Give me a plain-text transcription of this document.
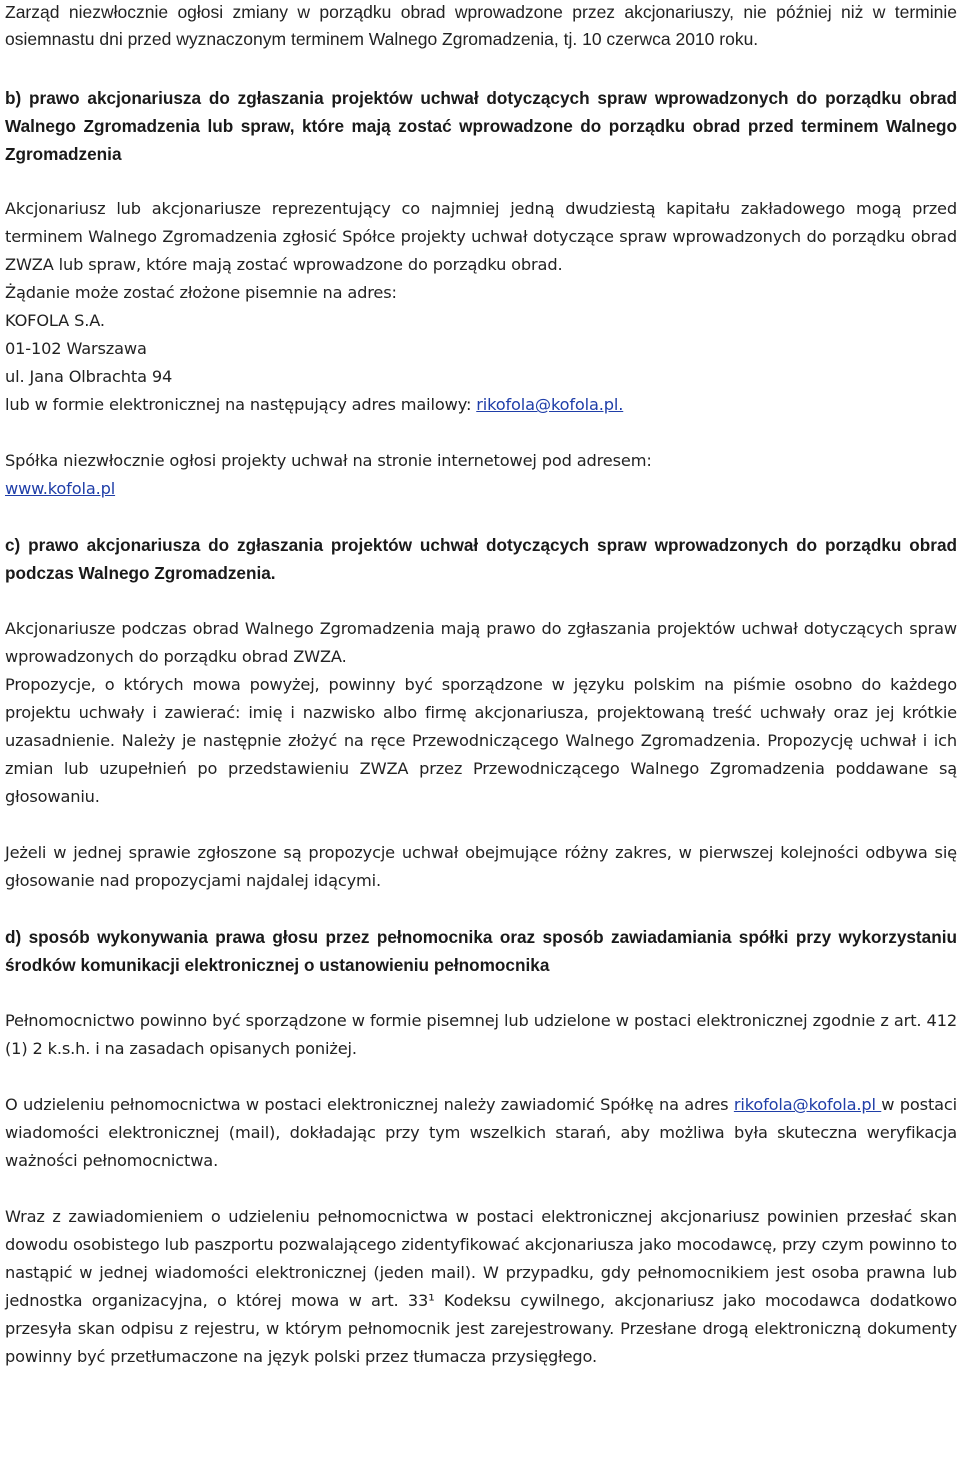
Zarząd niezwłocznie ogłosi zmiany w porządku obrad wprowadzone przez akcjonariuszy, nie później niż w terminie osiemnastu dni przed wyznaczonym terminem Walnego Zgromadzenia, tj. 10 czerwca 2010 roku.

b) prawo akcjonariusza do zgłaszania projektów uchwał dotyczących spraw wprowadzonych do porządku obrad Walnego Zgromadzenia lub spraw, które mają zostać wprowadzone do porządku obrad przed terminem Walnego Zgromadzenia

Akcjonariusz lub akcjonariusze reprezentujący co najmniej jedną dwudziestą kapitału zakładowego mogą przed terminem Walnego Zgromadzenia zgłosić Spółce projekty uchwał dotyczące spraw wprowadzonych do porządku obrad ZWZA lub spraw, które mają zostać wprowadzone do porządku obrad.

Żądanie może zostać złożone pisemnie na adres:

KOFOLA S.A.

01-102 Warszawa

ul. Jana Olbrachta 94

lub w formie elektronicznej na następujący adres mailowy: rikofola@kofola.pl.

Spółka niezwłocznie ogłosi projekty uchwał na stronie internetowej pod adresem:

www.kofola.pl

c) prawo akcjonariusza do zgłaszania projektów uchwał dotyczących spraw wprowadzonych do porządku obrad podczas Walnego Zgromadzenia.

Akcjonariusze podczas obrad Walnego Zgromadzenia mają prawo do zgłaszania projektów uchwał dotyczących spraw wprowadzonych do porządku obrad ZWZA.

Propozycje, o których mowa powyżej, powinny być sporządzone w języku polskim na piśmie osobno do każdego projektu uchwały i zawierać: imię i nazwisko albo firmę akcjonariusza, projektowaną treść uchwały oraz jej krótkie uzasadnienie. Należy je następnie złożyć na ręce Przewodniczącego Walnego Zgromadzenia. Propozycję uchwał i ich zmian lub uzupełnień po przedstawieniu ZWZA przez Przewodniczącego Walnego Zgromadzenia poddawane są głosowaniu.

Jeżeli w jednej sprawie zgłoszone są propozycje uchwał obejmujące różny zakres, w pierwszej kolejności odbywa się głosowanie nad propozycjami najdalej idącymi.

d) sposób wykonywania prawa głosu przez pełnomocnika oraz sposób zawiadamiania spółki przy wykorzystaniu środków komunikacji elektronicznej o ustanowieniu pełnomocnika

Pełnomocnictwo powinno być sporządzone w formie pisemnej lub udzielone w postaci elektronicznej zgodnie z art. 412 (1) 2 k.s.h. i na zasadach opisanych poniżej.

O udzieleniu pełnomocnictwa w postaci elektronicznej należy zawiadomić Spółkę na adres rikofola@kofola.pl w postaci wiadomości elektronicznej (mail), dokładając przy tym wszelkich starań, aby możliwa była skuteczna weryfikacja ważności pełnomocnictwa.

Wraz z zawiadomieniem o udzieleniu pełnomocnictwa w postaci elektronicznej akcjonariusz powinien przesłać skan dowodu osobistego lub paszportu pozwalającego zidentyfikować akcjonariusza jako mocodawcę, przy czym powinno to nastąpić w jednej wiadomości elektronicznej (jeden mail). W przypadku, gdy pełnomocnikiem jest osoba prawna lub jednostka organizacyjna, o której mowa w art. 33¹ Kodeksu cywilnego, akcjonariusz jako mocodawca dodatkowo przesyła skan odpisu z rejestru, w którym pełnomocnik jest zarejestrowany. Przesłane drogą elektroniczną dokumenty powinny być przetłumaczone na język polski przez tłumacza przysięgłego.
